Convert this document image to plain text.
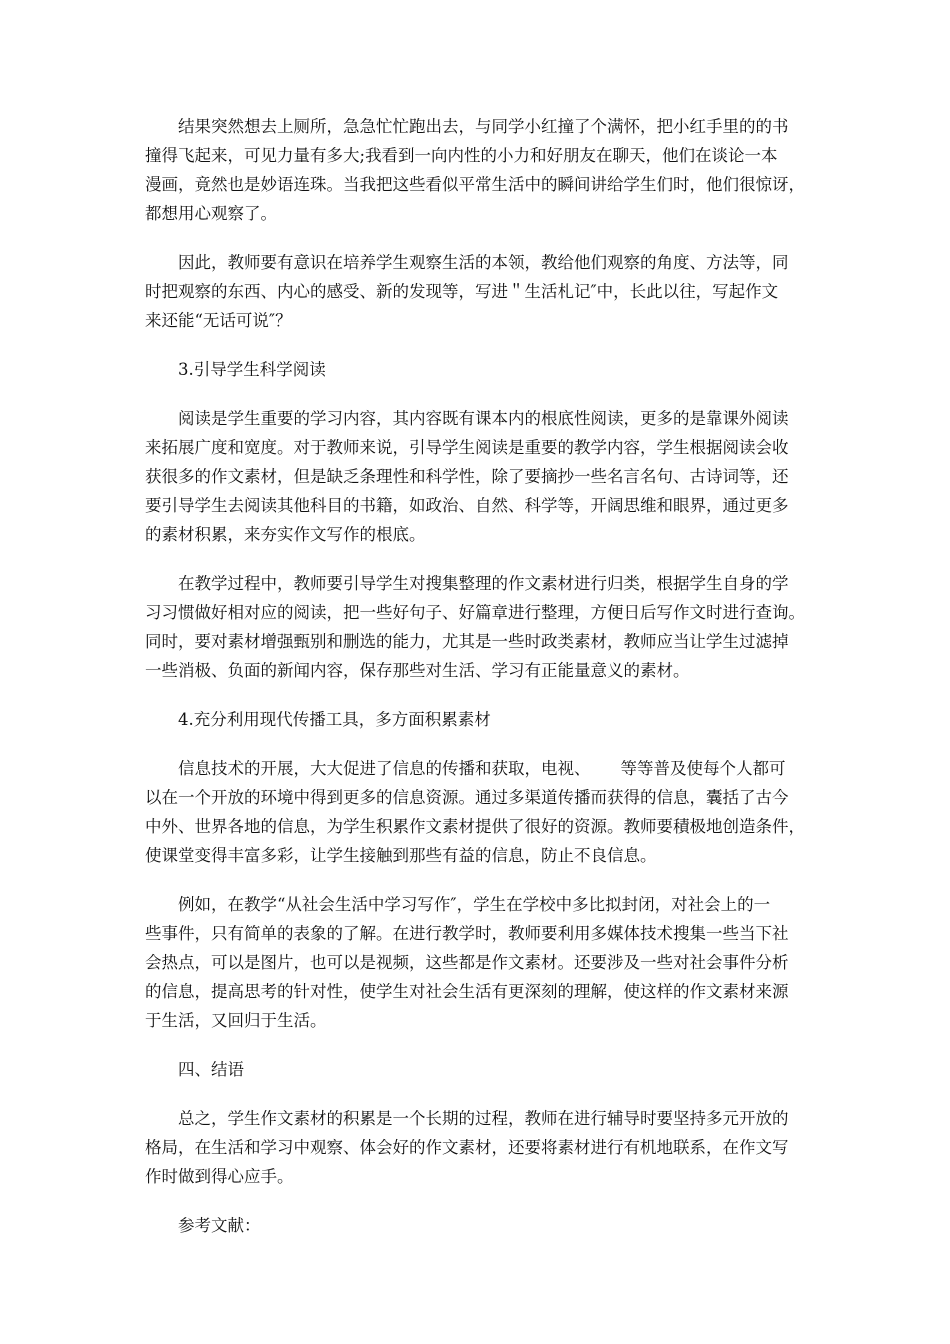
结果突然想去上厕所，急急忙忙跑出去，与同学小红撞了个满怀，把小红手里的的书
撞得飞起来，可见力量有多大;我看到一向内性的小力和好朋友在聊天，他们在谈论一本
漫画，竟然也是妙语连珠。当我把这些看似平常生活中的瞬间讲给学生们时，他们很惊讶，
都想用心观察了。
因此，教师要有意识在培养学生观察生活的本领，教给他们观察的角度、方法等，同
时把观察的东西、内心的感受、新的发现等，写进＂生活札记″中，长此以往，写起作文
来还能“无话可说″？
3.引导学生科学阅读
阅读是学生重要的学习内容，其内容既有课本内的根底性阅读，更多的是靠课外阅读
来拓展广度和宽度。对于教师来说，引导学生阅读是重要的教学内容，学生根据阅读会收
获很多的作文素材，但是缺乏条理性和科学性，除了要摘抄一些名言名句、古诗词等，还
要引导学生去阅读其他科目的书籍，如政治、自然、科学等，开阔思维和眼界，通过更多
的素材积累，来夯实作文写作的根底。
在教学过程中，教师要引导学生对搜集整理的作文素材进行归类，根据学生自身的学
习习惯做好相对应的阅读，把一些好句子、好篇章进行整理，方便日后写作文时进行查询。
同时，要对素材增强甄别和删选的能力，尤其是一些时政类素材，教师应当让学生过滤掉
一些消极、负面的新闻内容，保存那些对生活、学习有正能量意义的素材。
4.充分利用现代传播工具，多方面积累素材
信息技术的开展，大大促进了信息的传播和获取，电视、 等等普及使每个人都可
以在一个开放的环境中得到更多的信息资源。通过多渠道传播而获得的信息，囊括了古今
中外、世界各地的信息，为学生积累作文素材提供了很好的资源。教师要積极地创造条件，
使课堂变得丰富多彩，让学生接触到那些有益的信息，防止不良信息。
例如，在教学“从社会生活中学习写作″，学生在学校中多比拟封闭，对社会上的一
些事件，只有简单的表象的了解。在进行教学时，教师要利用多媒体技术搜集一些当下社
会热点，可以是图片，也可以是视频，这些都是作文素材。还要涉及一些对社会事件分析
的信息，提高思考的针对性，使学生对社会生活有更深刻的理解，使这样的作文素材来源
于生活，又回归于生活。
四、结语
总之，学生作文素材的积累是一个长期的过程，教师在进行辅导时要坚持多元开放的
格局，在生活和学习中观察、体会好的作文素材，还要将素材进行有机地联系，在作文写
作时做到得心应手。
参考文献：
